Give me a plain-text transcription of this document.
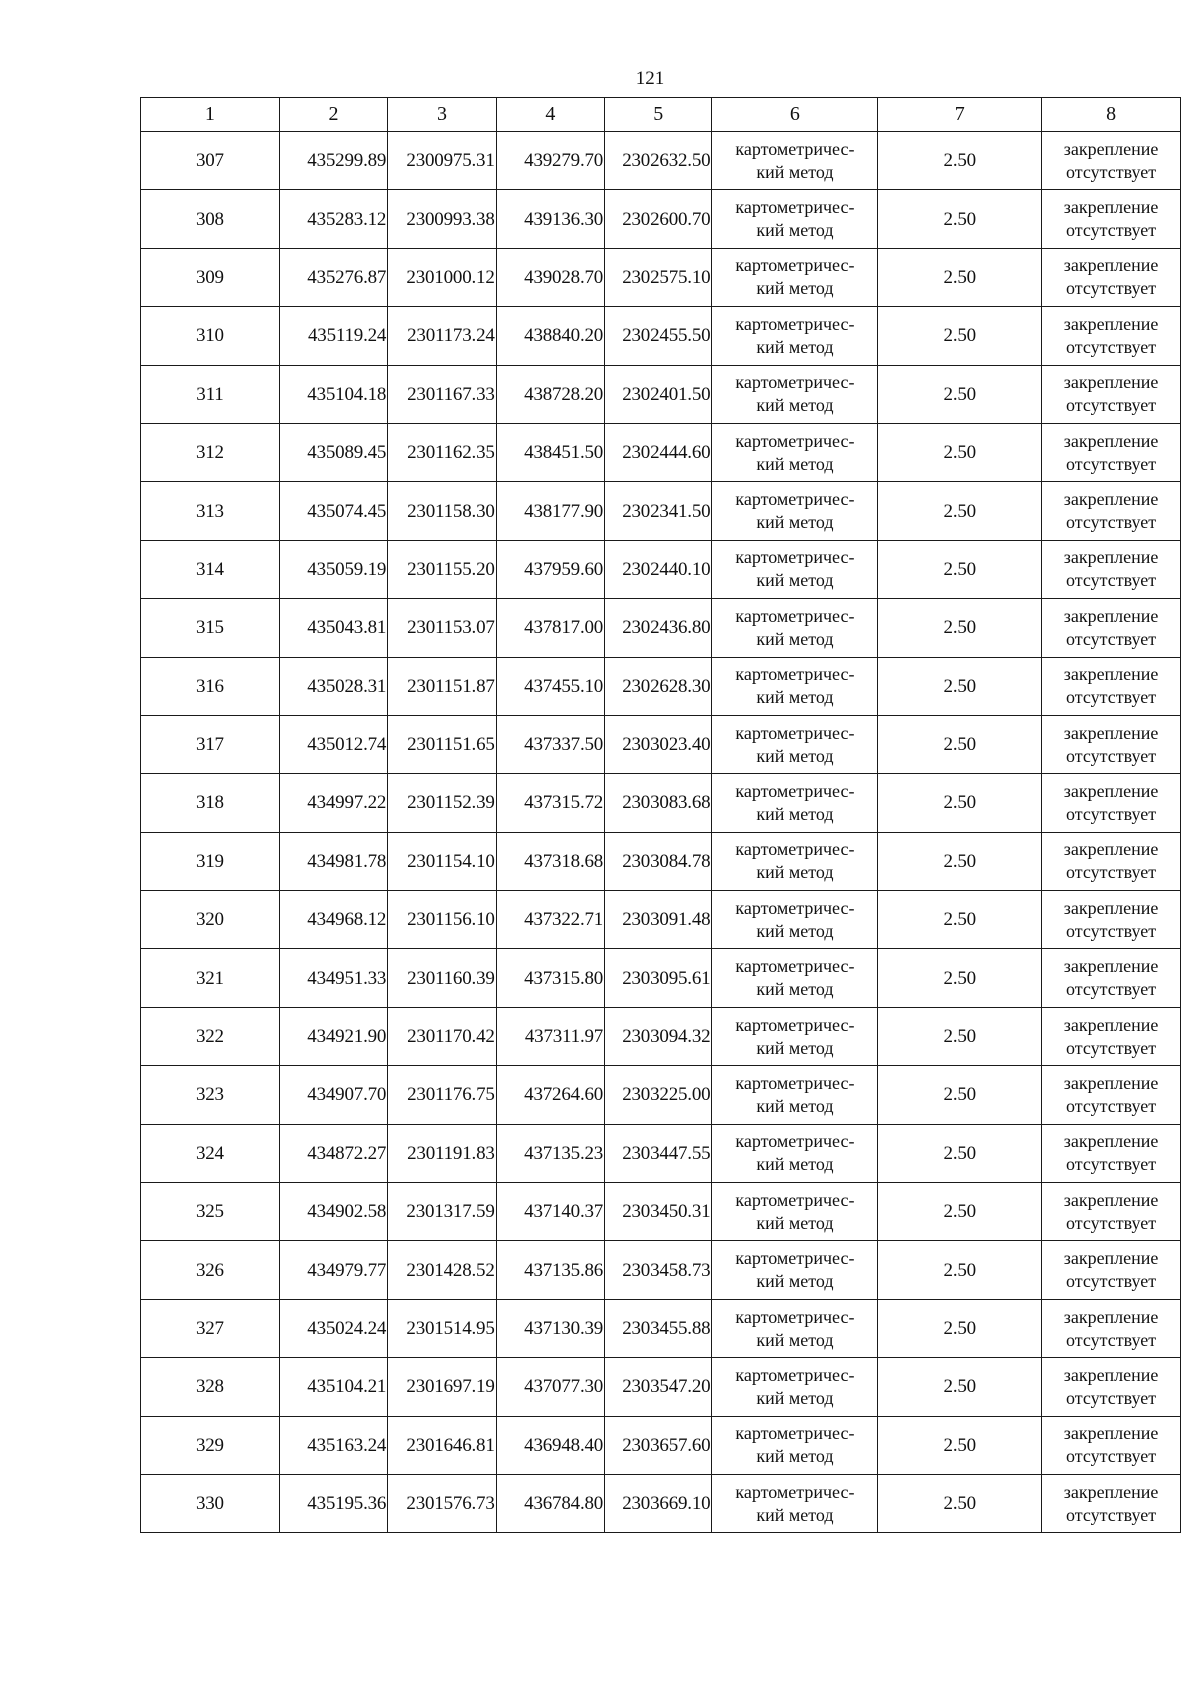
121
1	2	3	4	5	6	7	8
307	435299.89	2300975.31	439279.70	2302632.50	картометричес-
кий метод	2.50	закрепление
отсутствует

308	435283.12	2300993.38	439136.30	2302600.70	картометричес-
кий метод	2.50	закрепление
отсутствует

309	435276.87	2301000.12	439028.70	2302575.10	картометричес-
кий метод	2.50	закрепление
отсутствует

310	435119.24	2301173.24	438840.20	2302455.50	картометричес-
кий метод	2.50	закрепление
отсутствует

311	435104.18	2301167.33	438728.20	2302401.50	картометричес-
кий метод	2.50	закрепление
отсутствует

312	435089.45	2301162.35	438451.50	2302444.60	картометричес-
кий метод	2.50	закрепление
отсутствует

313	435074.45	2301158.30	438177.90	2302341.50	картометричес-
кий метод	2.50	закрепление
отсутствует

314	435059.19	2301155.20	437959.60	2302440.10	картометричес-
кий метод	2.50	закрепление
отсутствует

315	435043.81	2301153.07	437817.00	2302436.80	картометричес-
кий метод	2.50	закрепление
отсутствует

316	435028.31	2301151.87	437455.10	2302628.30	картометричес-
кий метод	2.50	закрепление
отсутствует

317	435012.74	2301151.65	437337.50	2303023.40	картометричес-
кий метод	2.50	закрепление
отсутствует

318	434997.22	2301152.39	437315.72	2303083.68	картометричес-
кий метод	2.50	закрепление
отсутствует

319	434981.78	2301154.10	437318.68	2303084.78	картометричес-
кий метод	2.50	закрепление
отсутствует

320	434968.12	2301156.10	437322.71	2303091.48	картометричес-
кий метод	2.50	закрепление
отсутствует

321	434951.33	2301160.39	437315.80	2303095.61	картометричес-
кий метод	2.50	закрепление
отсутствует

322	434921.90	2301170.42	437311.97	2303094.32	картометричес-
кий метод	2.50	закрепление
отсутствует

323	434907.70	2301176.75	437264.60	2303225.00	картометричес-
кий метод	2.50	закрепление
отсутствует

324	434872.27	2301191.83	437135.23	2303447.55	картометричес-
кий метод	2.50	закрепление
отсутствует

325	434902.58	2301317.59	437140.37	2303450.31	картометричес-
кий метод	2.50	закрепление
отсутствует

326	434979.77	2301428.52	437135.86	2303458.73	картометричес-
кий метод	2.50	закрепление
отсутствует

327	435024.24	2301514.95	437130.39	2303455.88	картометричес-
кий метод	2.50	закрепление
отсутствует

328	435104.21	2301697.19	437077.30	2303547.20	картометричес-
кий метод	2.50	закрепление
отсутствует

329	435163.24	2301646.81	436948.40	2303657.60	картометричес-
кий метод	2.50	закрепление
отсутствует

330	435195.36	2301576.73	436784.80	2303669.10	картометричес-
кий метод	2.50	закрепление
отсутствует
